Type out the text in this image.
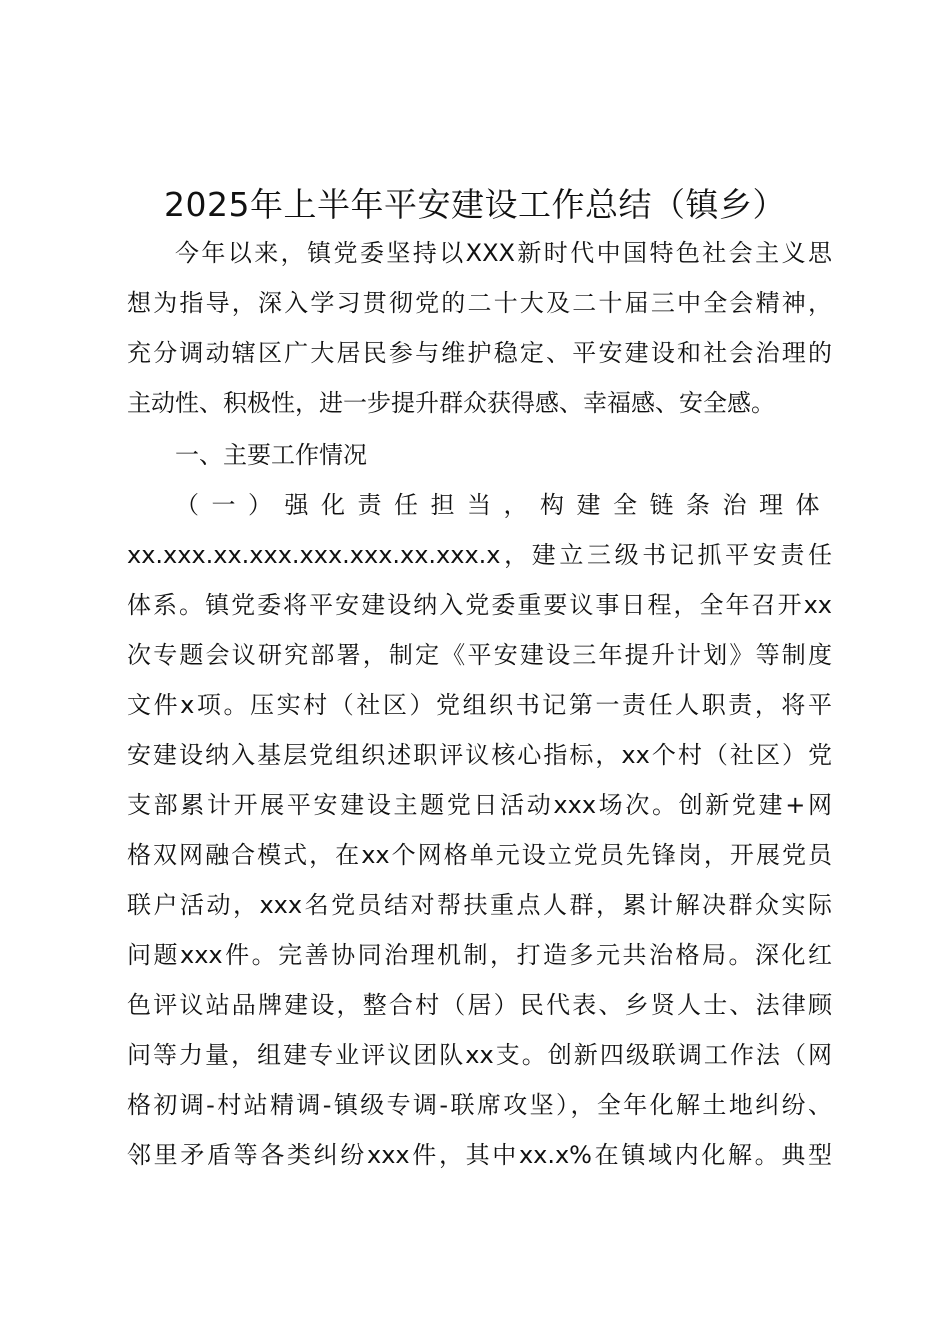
2025年上半年平安建设工作总结（镇乡）
今年以来，镇党委坚持以XXX新时代中国特色社会主义思
想为指导，深入学习贯彻党的二十大及二十届三中全会精神，
充分调动辖区广大居民参与维护稳定、平安建设和社会治理的
主动性、积极性，进一步提升群众获得感、幸福感、安全感。
一、主要工作情况
（一）强化责任担当，构建全链条治理体
xx.xxx.xx.xxx.xxx.xxx.xx.xxx.x，建立三级书记抓平安责任
体系。镇党委将平安建设纳入党委重要议事日程，全年召开xx
次专题会议研究部署，制定《平安建设三年提升计划》等制度
文件x项。压实村（社区）党组织书记第一责任人职责，将平
安建设纳入基层党组织述职评议核心指标，xx个村（社区）党
支部累计开展平安建设主题党日活动xxx场次。创新党建+网
格双网融合模式，在xx个网格单元设立党员先锋岗，开展党员
联户活动，xxx名党员结对帮扶重点人群，累计解决群众实际
问题xxx件。完善协同治理机制，打造多元共治格局。深化红
色评议站品牌建设，整合村（居）民代表、乡贤人士、法律顾
问等力量，组建专业评议团队xx支。创新四级联调工作法（网
格初调-村站精调-镇级专调-联席攻坚），全年化解土地纠纷、
邻里矛盾等各类纠纷xxx件，其中xx.x%在镇域内化解。典型
